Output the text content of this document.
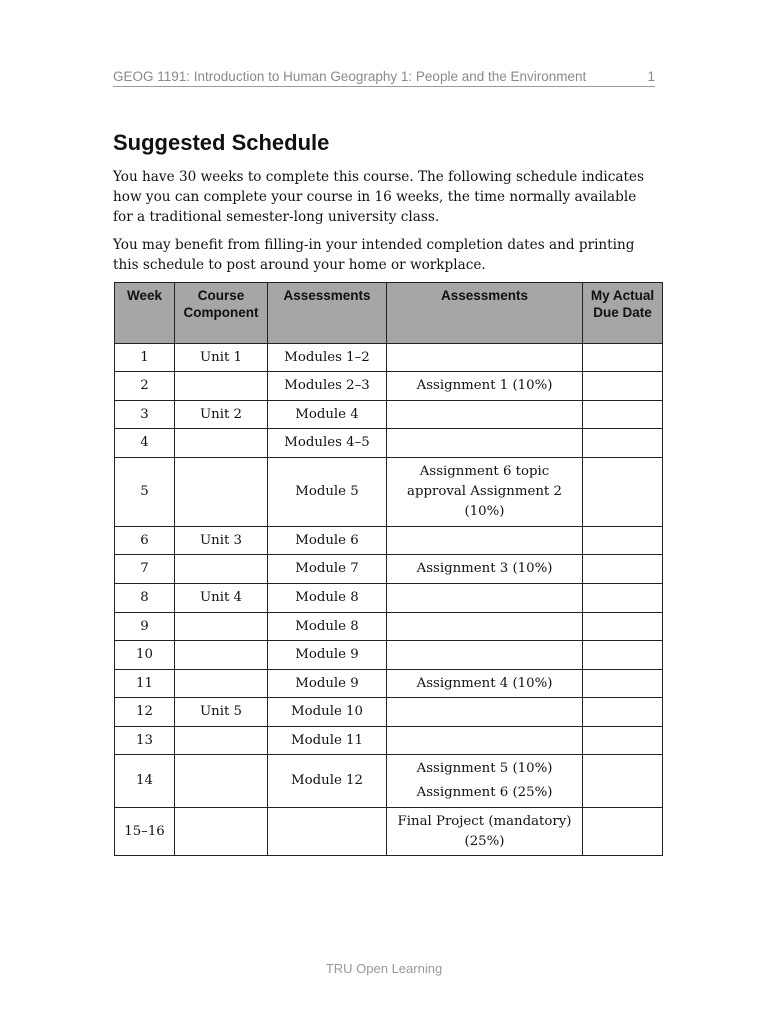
GEOG 1191: Introduction to Human Geography 1: People and the Environment	1
Suggested Schedule

You have 30 weeks to complete this course. The following schedule indicates how you can complete your course in 16 weeks, the time normally available for a traditional semester-long university class.

You may benefit from filling-in your intended completion dates and printing this schedule to post around your home or workplace.

Week	Course Component	Assessments	Assessments	My Actual Due Date
1	Unit 1	Modules 1–2		
2		Modules 2–3	Assignment 1 (10%)	
3	Unit 2	Module 4		
4		Modules 4–5		
5		Module 5	Assignment 6 topic approval Assignment 2 (10%)	
6	Unit 3	Module 6		
7		Module 7	Assignment 3 (10%)	
8	Unit 4	Module 8		
9		Module 8		
10		Module 9		
11		Module 9	Assignment 4 (10%)	
12	Unit 5	Module 10		
13		Module 11		
14		Module 12	Assignment 5 (10%)
Assignment 6 (25%)	
15–16			Final Project (mandatory) (25%)	
TRU Open Learning
